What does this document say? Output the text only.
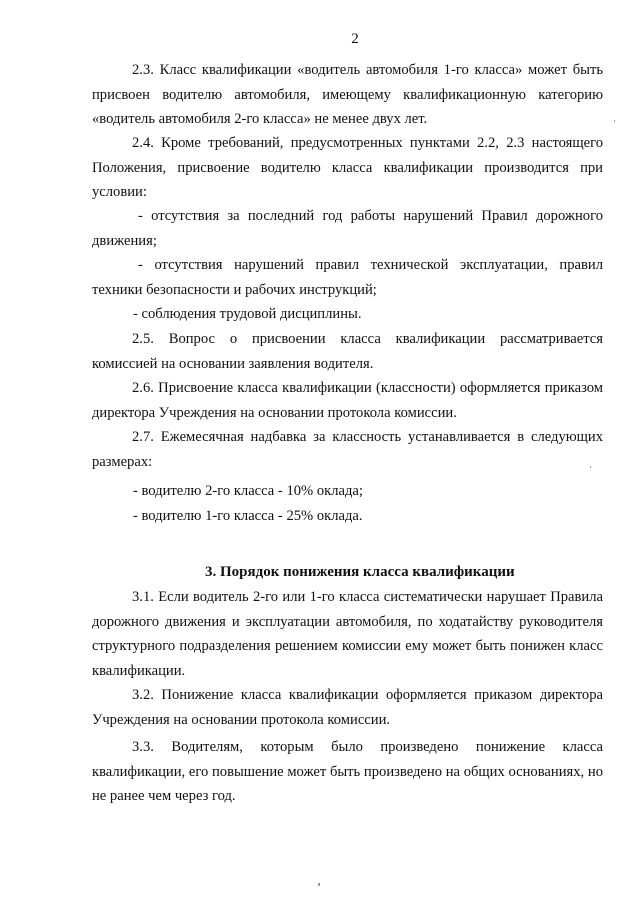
2

2.3. Класс квалификации «водитель автомобиля 1-го класса» может быть присвоен водителю автомобиля, имеющему квалификационную категорию «водитель автомобиля 2-го класса» не менее двух лет.

2.4. Кроме требований, предусмотренных пунктами 2.2, 2.3 настоящего Положения, присвоение водителю класса квалификации производится при условии:

- отсутствия за последний год работы нарушений Правил дорожного движения;

- отсутствия нарушений правил технической эксплуатации, правил техники безопасности и рабочих инструкций;

- соблюдения трудовой дисциплины.

2.5. Вопрос о присвоении класса квалификации рассматривается комиссией на основании заявления водителя.

2.6. Присвоение класса квалификации (классности) оформляется приказом директора Учреждения на основании протокола комиссии.

2.7. Ежемесячная надбавка за классность устанавливается в следующих размерах:

- водителю 2-го класса - 10% оклада;

- водителю 1-го класса - 25% оклада.

3. Порядок понижения класса квалификации

3.1. Если водитель 2-го или 1-го класса систематически нарушает Правила дорожного движения и эксплуатации автомобиля, по ходатайству руководителя структурного подразделения решением комиссии ему может быть понижен класс квалификации.

3.2. Понижение класса квалификации оформляется приказом директора Учреждения на основании протокола комиссии.

3.3. Водителям, которым было произведено понижение класса квалификации, его повышение может быть произведено на общих основаниях, но не ранее чем через год.
